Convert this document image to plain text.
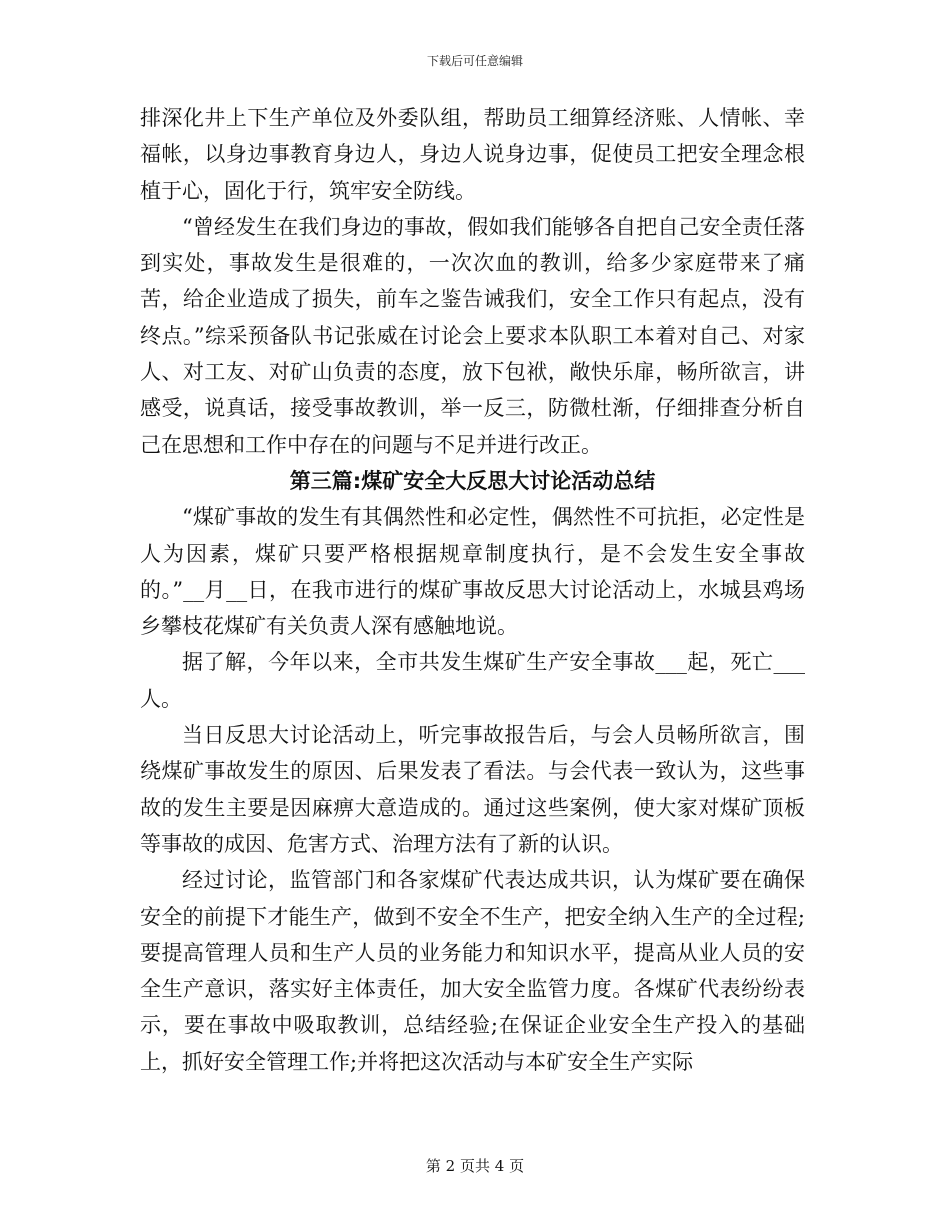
下载后可任意编辑

排深化井上下生产单位及外委队组，帮助员工细算经济账、人情帐、幸福帐，以身边事教育身边人，身边人说身边事，促使员工把安全理念根植于心，固化于行，筑牢安全防线。

“曾经发生在我们身边的事故，假如我们能够各自把自己安全责任落到实处，事故发生是很难的，一次次血的教训，给多少家庭带来了痛苦，给企业造成了损失，前车之鉴告诫我们，安全工作只有起点，没有终点。”综采预备队书记张威在讨论会上要求本队职工本着对自己、对家人、对工友、对矿山负责的态度，放下包袱，敞快乐扉，畅所欲言，讲感受，说真话，接受事故教训，举一反三，防微杜渐，仔细排查分析自己在思想和工作中存在的问题与不足并进行改正。

第三篇:煤矿安全大反思大讨论活动总结

“煤矿事故的发生有其偶然性和必定性，偶然性不可抗拒，必定性是人为因素，煤矿只要严格根据规章制度执行，是不会发生安全事故的。”__月__日，在我市进行的煤矿事故反思大讨论活动上，水城县鸡场乡攀枝花煤矿有关负责人深有感触地说。

据了解，今年以来，全市共发生煤矿生产安全事故___起，死亡___人。

当日反思大讨论活动上，听完事故报告后，与会人员畅所欲言，围绕煤矿事故发生的原因、后果发表了看法。与会代表一致认为，这些事故的发生主要是因麻痹大意造成的。通过这些案例，使大家对煤矿顶板等事故的成因、危害方式、治理方法有了新的认识。

经过讨论，监管部门和各家煤矿代表达成共识，认为煤矿要在确保安全的前提下才能生产，做到不安全不生产，把安全纳入生产的全过程;要提高管理人员和生产人员的业务能力和知识水平，提高从业人员的安全生产意识，落实好主体责任，加大安全监管力度。各煤矿代表纷纷表示，要在事故中吸取教训，总结经验;在保证企业安全生产投入的基础上，抓好安全管理工作;并将把这次活动与本矿安全生产实际

第 2 页共 4 页
